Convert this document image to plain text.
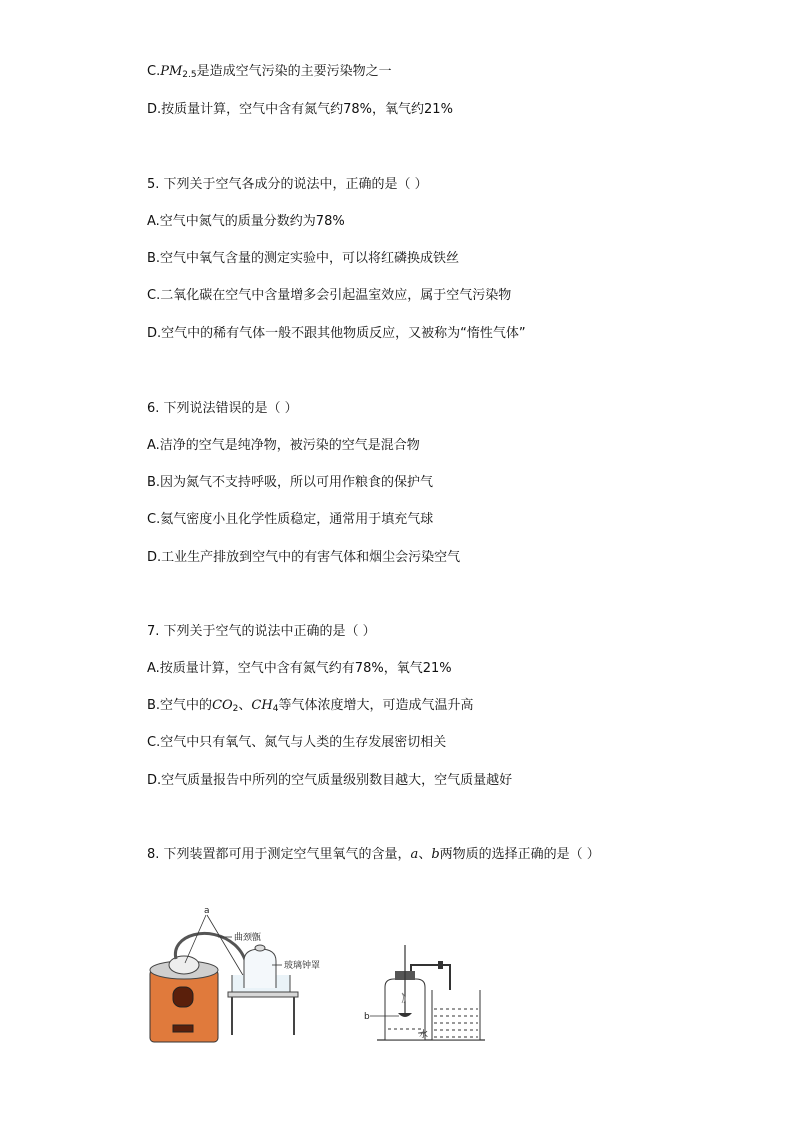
$C.PM_{2.5}$是造成空气污染的主要污染物之一
D.按质量计算，空气中含有氮气约78%，氧气约21%
5. 下列关于空气各成分的说法中，正确的是（ ）
A.空气中氮气的质量分数约为78%
B.空气中氧气含量的测定实验中，可以将红磷换成铁丝
C.二氧化碳在空气中含量增多会引起温室效应，属于空气污染物
D.空气中的稀有气体一般不跟其他物质反应，又被称为“惰性气体”
6. 下列说法错误的是（ ）
A.洁净的空气是纯净物，被污染的空气是混合物
B.因为氮气不支持呼吸，所以可用作粮食的保护气
C.氦气密度小且化学性质稳定，通常用于填充气球
D.工业生产排放到空气中的有害气体和烟尘会污染空气
7. 下列关于空气的说法中正确的是（ ）
A.按质量计算，空气中含有氮气约有78%，氧气21%
B.空气中的$CO_2$、$CH_4$等气体浓度增大，可造成气温升高
C.空气中只有氧气、氮气与人类的生存发展密切相关
D.空气质量报告中所列的空气质量级别数目越大，空气质量越好
8. 下列装置都可用于测定空气里氧气的含量，a、b两物质的选择正确的是（ ）
a
曲颈甑
玻璃钟罩
b
水
